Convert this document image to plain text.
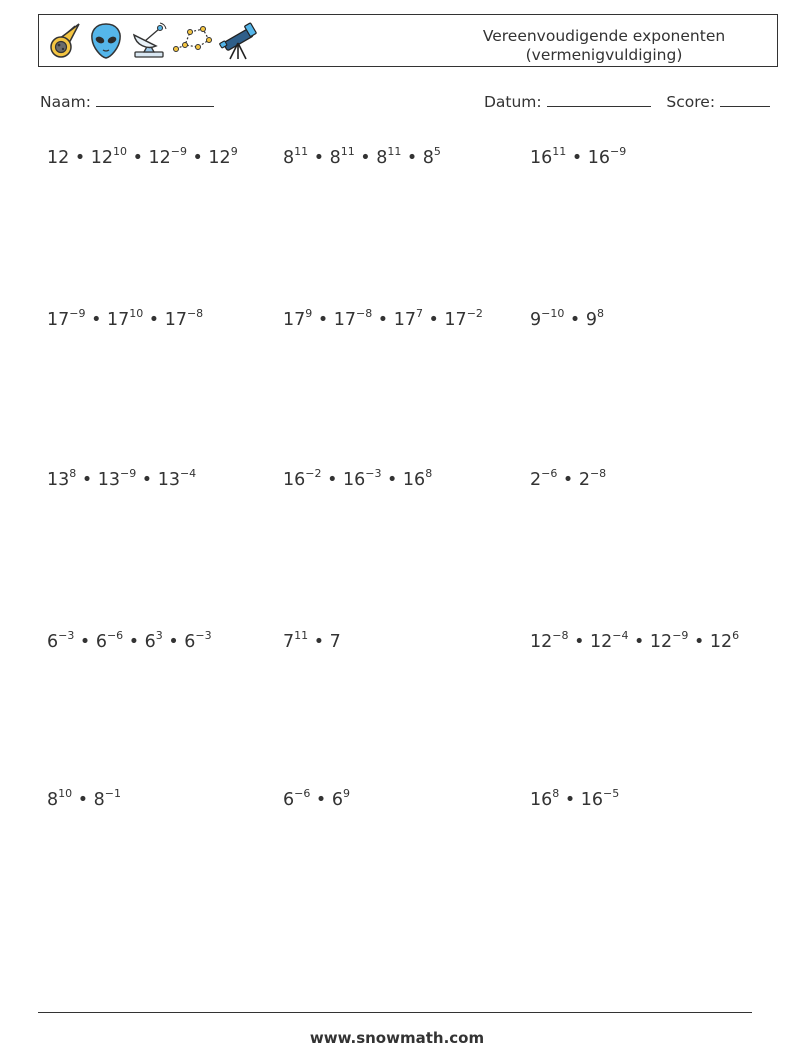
Vereenvoudigende exponenten
(vermenigvuldiging)
Naam:	Datum:	Score:
12 • $12^{10}$ • $12^{-9}$ • $12^9$	$8^{11}$ • $8^{11}$ • $8^{11}$ • $8^5$	$16^{11}$ • $16^{-9}$
$17^{-9}$ • $17^{10}$ • $17^{-8}$	$17^9$ • $17^{-8}$ • $17^7$ • $17^{-2}$	$9^{-10}$ • $9^8$
$13^8$ • $13^{-9}$ • $13^{-4}$	$16^{-2}$ • $16^{-3}$ • $16^8$	$2^{-6}$ • $2^{-8}$
$6^{-3}$ • $6^{-6}$ • $6^3$ • $6^{-3}$	$7^{11}$ • 7	$12^{-8}$ • $12^{-4}$ • $12^{-9}$ • $12^6$
$8^{10}$ • $8^{-1}$	$6^{-6}$ • $6^9$	$16^8$ • $16^{-5}$
www.snowmath.com
